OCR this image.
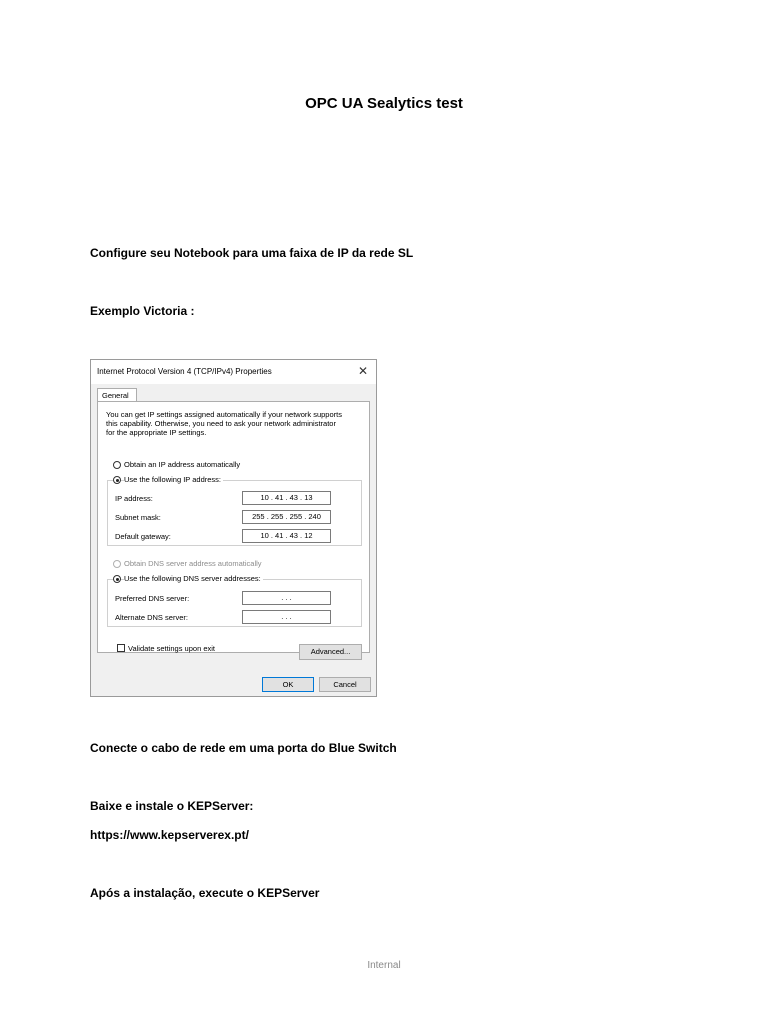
OPC UA Sealytics test
Configure seu Notebook para uma faixa de IP da rede SL
Exemplo Victoria :
Internet Protocol Version 4 (TCP/IPv4) Properties	✕
General
You can get IP settings assigned automatically if your network supports
this capability. Otherwise, you need to ask your network administrator
for the appropriate IP settings.
Obtain an IP address automatically
Use the following IP address:
IP address:	10 . 41 . 43 . 13
Subnet mask:	255 . 255 . 255 . 240
Default gateway:	10 . 41 . 43 . 12
Obtain DNS server address automatically
Use the following DNS server addresses:
Preferred DNS server:	. . .
Alternate DNS server:	. . .
Validate settings upon exit	Advanced...
OK	Cancel
Conecte o cabo de rede em uma porta do Blue Switch
Baixe e instale o KEPServer:
https://www.kepserverex.pt/
Após a instalação, execute o KEPServer
Internal
